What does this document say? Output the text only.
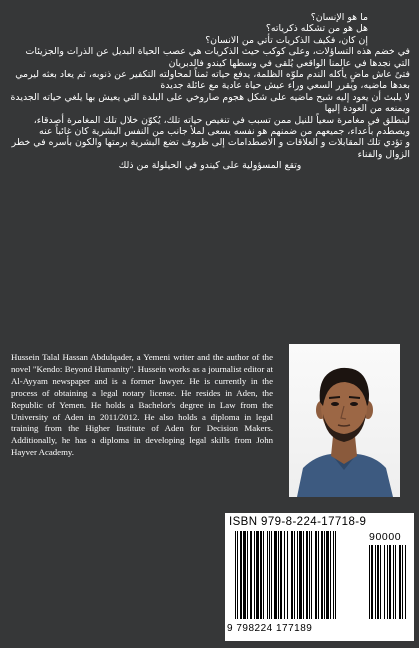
ما هو الإنسان؟

هل هو من تشكله ذكرياته؟

إن كان، فكيف الذكريات تأتي من الانسان؟

في خضم هذه التساؤلات، وعلى كوكب حيث الذكريات هي عصب الحياة البديل عن الذرات والجزيئات التي نجدها في عالمنا الواقعي يُلقى في وسطها كيندو فالدبريان

فتىً عاش ماضٍ يأكله الندم ملوّه الظلمة، يدفع حياته ثمناً لمحاولته التكفير عن ذنوبه، ثم يعاد بعثه ليرمي بعدها ماضيه، ويقرر السعي وراء عيش حياة عادية مع عائلة جديدة

لا يلبث أن يعود إليه شبح ماضيه على شكل هجوم صاروخي على البلدة التي يعيش بها يلغي حياته الجديدة ويمنعه من العودة إليها

لينطلق في مغامرة سعياً للنيل ممن تسبب في تنغيص حياته تلك، يُكوّن خلال تلك المغامرة أصدقاء، ويصطدم بأعداء، جميعهم من ضمنهم هو نفسه يسعى لملأ جانب من النفس البشرية كان غائباً عنه

و تؤدي تلك المقابلات و العلاقات و الاصطدامات إلى ظروف تضع البشرية برمتها والكون بأسره في خطر الزوال والفناء

وتقع المسؤولية على كيندو في الحيلولة من ذلك

Hussein Talal Hassan Abdulqader, a Yemeni writer and the author of the novel "Kendo: Beyond Humanity". Hussein works as a journalist editor at Al-Ayyam newspaper and is a former lawyer. He is currently in the process of obtaining a legal notary license. He resides in Aden, the Republic of Yemen. He holds a Bachelor's degree in Law from the University of Aden in 2011/2012. He also holds a diploma in legal training from the Higher Institute of Aden for Decision Makers. Additionally, he has a diploma in developing legal skills from John Hayver Academy.
ISBN 979-8-224-17718-9
90000
9 798224 177189
